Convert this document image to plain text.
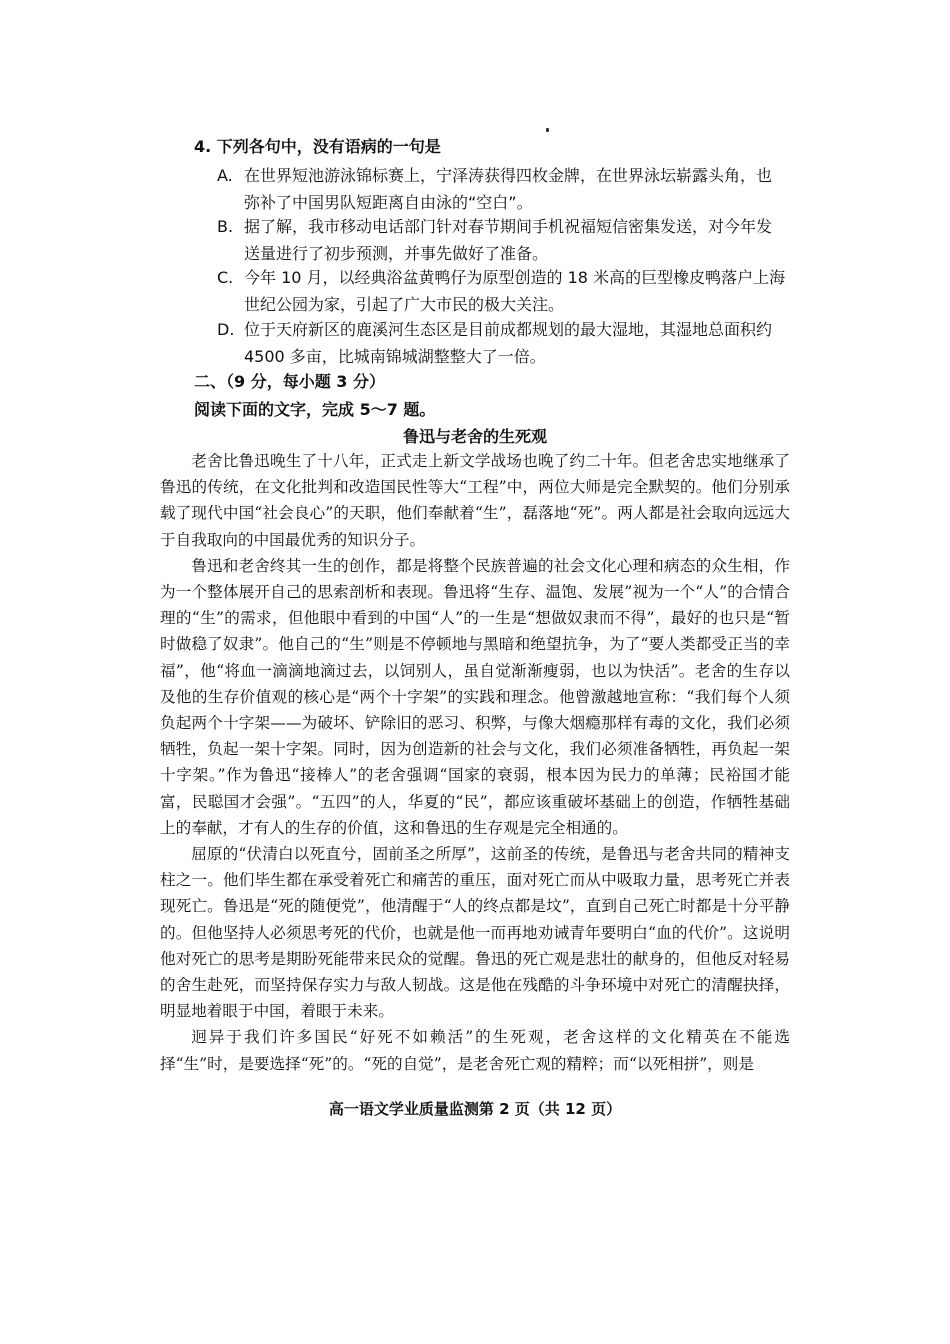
4. 下列各句中，没有语病的一句是
A. 在世界短池游泳锦标赛上，宁泽涛获得四枚金牌，在世界泳坛崭露头角，也
弥补了中国男队短距离自由泳的“空白”。
B. 据了解，我市移动电话部门针对春节期间手机祝福短信密集发送，对今年发
送量进行了初步预测，并事先做好了准备。
C. 今年 10 月，以经典浴盆黄鸭仔为原型创造的 18 米高的巨型橡皮鸭落户上海
世纪公园为家，引起了广大市民的极大关注。
D. 位于天府新区的鹿溪河生态区是目前成都规划的最大湿地，其湿地总面积约
4500 多亩，比城南锦城湖整整大了一倍。
二、（9 分，每小题 3 分）
阅读下面的文字，完成 5～7 题。
鲁迅与老舍的生死观

老舍比鲁迅晚生了十八年，正式走上新文学战场也晚了约二十年。但老舍忠实地继承了鲁迅的传统，在文化批判和改造国民性等大“工程”中，两位大师是完全默契的。他们分别承载了现代中国“社会良心”的天职，他们奉献着“生”，磊落地“死”。两人都是社会取向远远大于自我取向的中国最优秀的知识分子。

鲁迅和老舍终其一生的创作，都是将整个民族普遍的社会文化心理和病态的众生相，作为一个整体展开自己的思索剖析和表现。鲁迅将“生存、温饱、发展”视为一个“人”的合情合理的“生”的需求，但他眼中看到的中国“人”的一生是“想做奴隶而不得”，最好的也只是“暂时做稳了奴隶”。他自己的“生”则是不停顿地与黑暗和绝望抗争，为了“要人类都受正当的幸福”，他“将血一滴滴地滴过去，以饲别人，虽自觉渐渐瘦弱，也以为快活”。老舍的生存以及他的生存价值观的核心是“两个十字架”的实践和理念。他曾激越地宣称：“我们每个人须负起两个十字架——为破坏、铲除旧的恶习、积弊，与像大烟瘾那样有毒的文化，我们必须牺牲，负起一架十字架。同时，因为创造新的社会与文化，我们必须准备牺牲，再负起一架十字架。”作为鲁迅“接棒人”的老舍强调“国家的衰弱，根本因为民力的单薄；民裕国才能富，民聪国才会强”。“五四”的人，华夏的“民”，都应该重破坏基础上的创造，作牺牲基础上的奉献，才有人的生存的价值，这和鲁迅的生存观是完全相通的。

屈原的“伏清白以死直兮，固前圣之所厚”，这前圣的传统，是鲁迅与老舍共同的精神支柱之一。他们毕生都在承受着死亡和痛苦的重压，面对死亡而从中吸取力量，思考死亡并表现死亡。鲁迅是“死的随便党”，他清醒于“人的终点都是坟”，直到自己死亡时都是十分平静的。但他坚持人必须思考死的代价，也就是他一而再地劝诫青年要明白“血的代价”。这说明他对死亡的思考是期盼死能带来民众的觉醒。鲁迅的死亡观是悲壮的献身的，但他反对轻易的舍生赴死，而坚持保存实力与敌人韧战。这是他在残酷的斗争环境中对死亡的清醒抉择，明显地着眼于中国，着眼于未来。

迥异于我们许多国民“好死不如赖活”的生死观，老舍这样的文化精英在不能选择“生”时，是要选择“死”的。“死的自觉”，是老舍死亡观的精粹；而“以死相拼”，则是

高一语文学业质量监测第 2 页（共 12 页）
